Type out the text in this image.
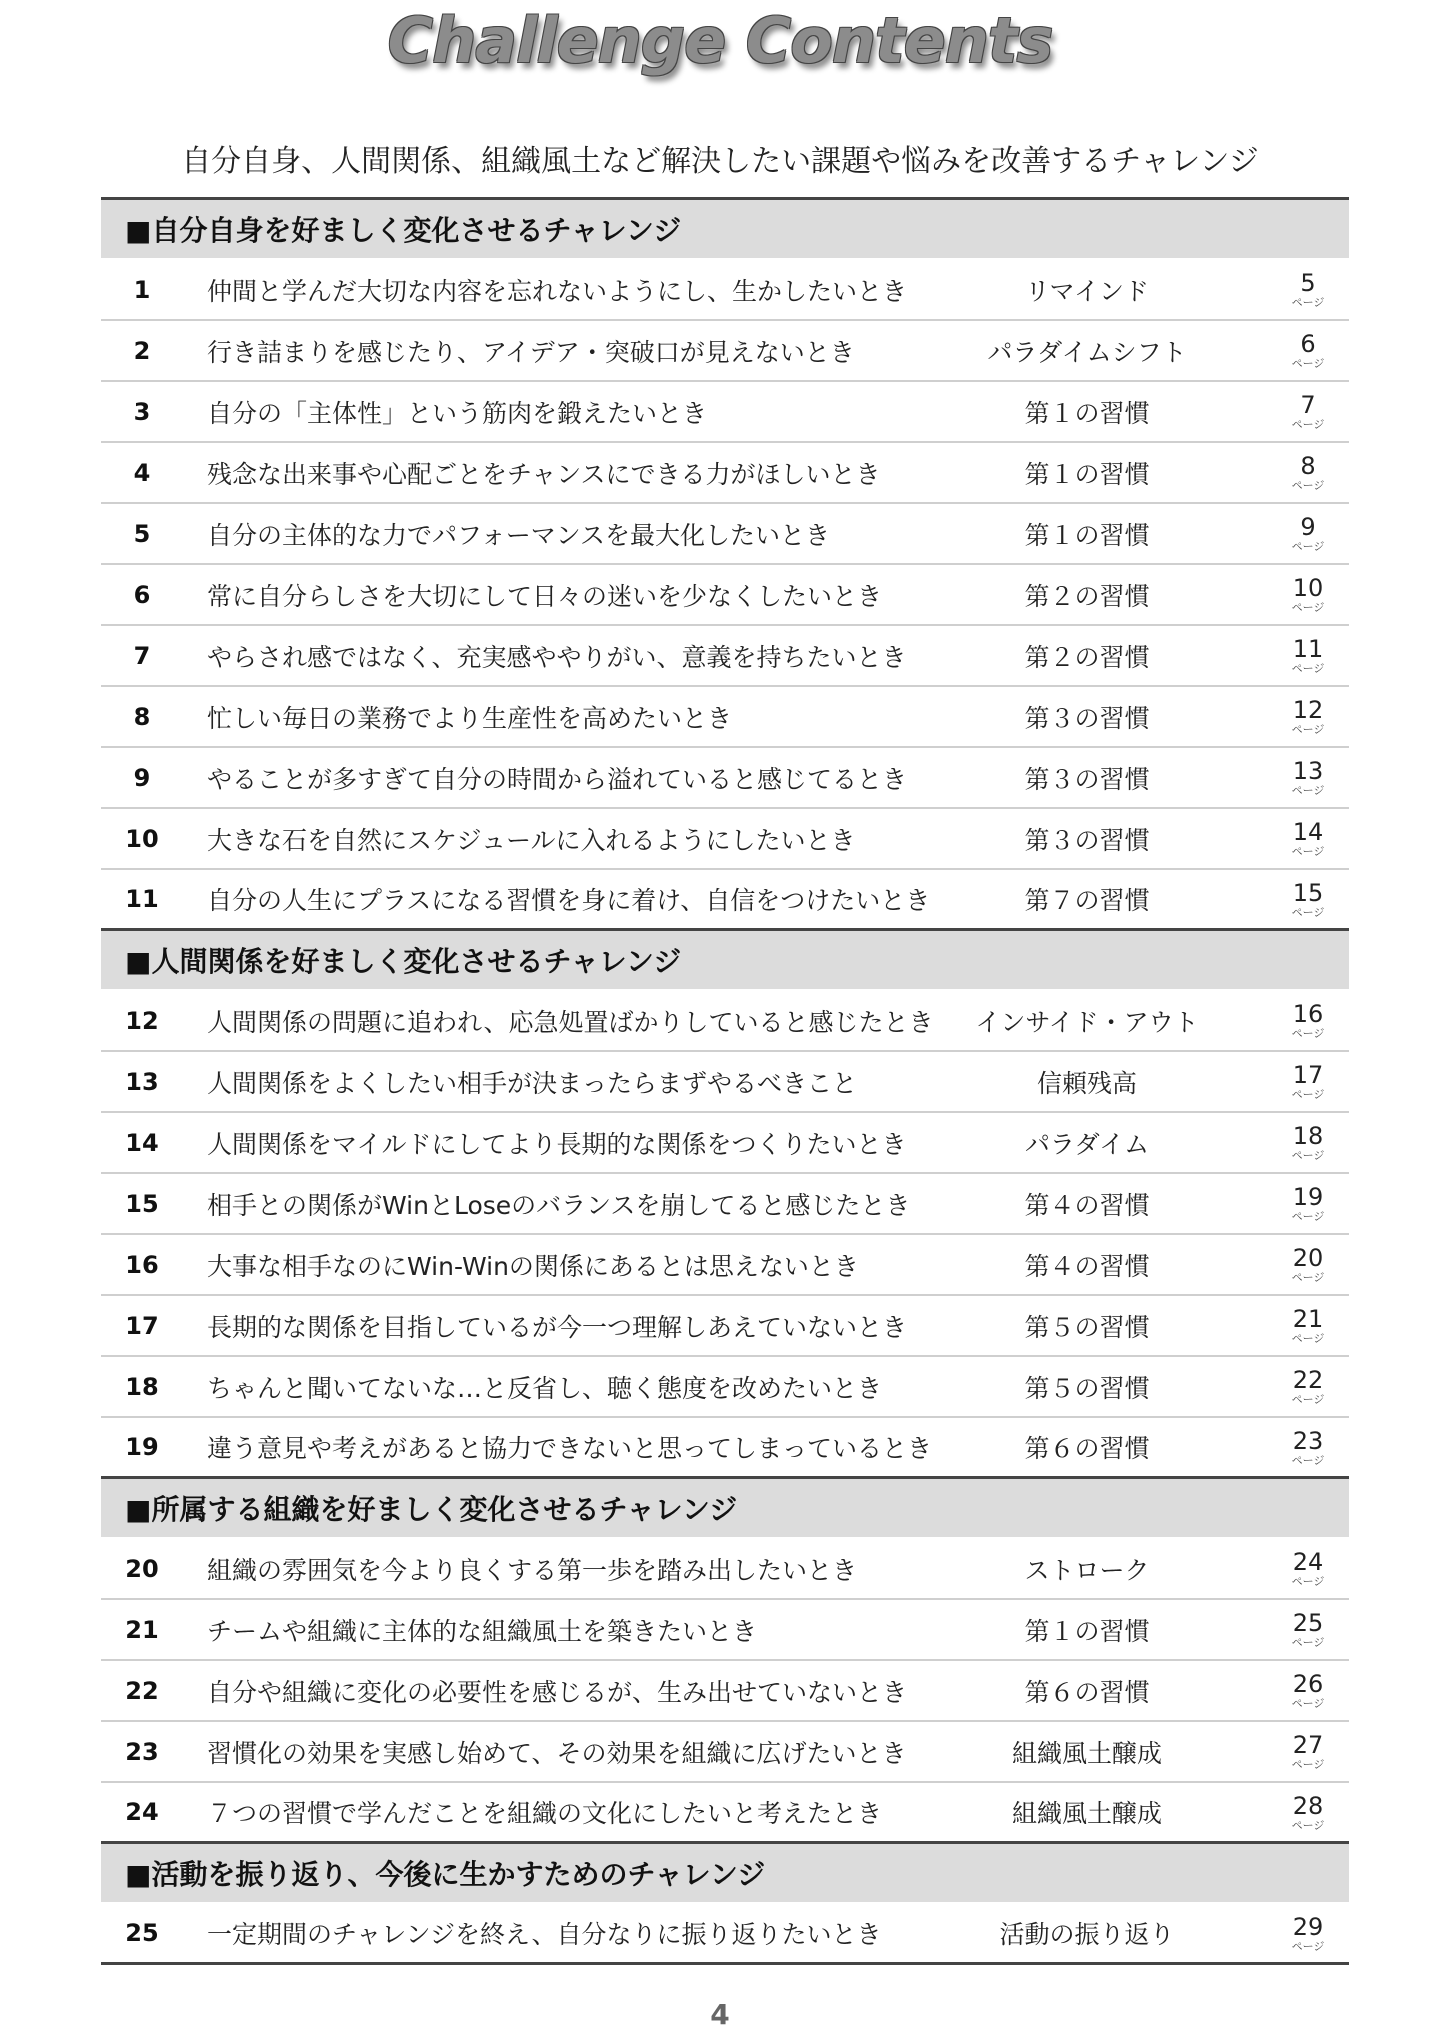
Challenge Contents
自分自身、人間関係、組織風土など解決したい課題や悩みを改善するチャレンジ
■自分自身を好ましく変化させるチャレンジ
1	仲間と学んだ大切な内容を忘れないようにし、生かしたいとき	リマインド	5
ページ
2	行き詰まりを感じたり、アイデア・突破口が見えないとき	パラダイムシフト	6
ページ
3	自分の「主体性」という筋肉を鍛えたいとき	第１の習慣	7
ページ
4	残念な出来事や心配ごとをチャンスにできる力がほしいとき	第１の習慣	8
ページ
5	自分の主体的な力でパフォーマンスを最大化したいとき	第１の習慣	9
ページ
6	常に自分らしさを大切にして日々の迷いを少なくしたいとき	第２の習慣	10
ページ
7	やらされ感ではなく、充実感ややりがい、意義を持ちたいとき	第２の習慣	11
ページ
8	忙しい毎日の業務でより生産性を高めたいとき	第３の習慣	12
ページ
9	やることが多すぎて自分の時間から溢れていると感じてるとき	第３の習慣	13
ページ
10	大きな石を自然にスケジュールに入れるようにしたいとき	第３の習慣	14
ページ
11	自分の人生にプラスになる習慣を身に着け、自信をつけたいとき	第７の習慣	15
ページ
■人間関係を好ましく変化させるチャレンジ
12	人間関係の問題に追われ、応急処置ばかりしていると感じたとき	インサイド・アウト	16
ページ
13	人間関係をよくしたい相手が決まったらまずやるべきこと	信頼残高	17
ページ
14	人間関係をマイルドにしてより長期的な関係をつくりたいとき	パラダイム	18
ページ
15	相手との関係がWinとLoseのバランスを崩してると感じたとき	第４の習慣	19
ページ
16	大事な相手なのにWin-Winの関係にあるとは思えないとき	第４の習慣	20
ページ
17	長期的な関係を目指しているが今一つ理解しあえていないとき	第５の習慣	21
ページ
18	ちゃんと聞いてないな…と反省し、聴く態度を改めたいとき	第５の習慣	22
ページ
19	違う意見や考えがあると協力できないと思ってしまっているとき	第６の習慣	23
ページ
■所属する組織を好ましく変化させるチャレンジ
20	組織の雰囲気を今より良くする第一歩を踏み出したいとき	ストローク	24
ページ
21	チームや組織に主体的な組織風土を築きたいとき	第１の習慣	25
ページ
22	自分や組織に変化の必要性を感じるが、生み出せていないとき	第６の習慣	26
ページ
23	習慣化の効果を実感し始めて、その効果を組織に広げたいとき	組織風土醸成	27
ページ
24	７つの習慣で学んだことを組織の文化にしたいと考えたとき	組織風土醸成	28
ページ
■活動を振り返り、今後に生かすためのチャレンジ
25	一定期間のチャレンジを終え、自分なりに振り返りたいとき	活動の振り返り	29
ページ
4
